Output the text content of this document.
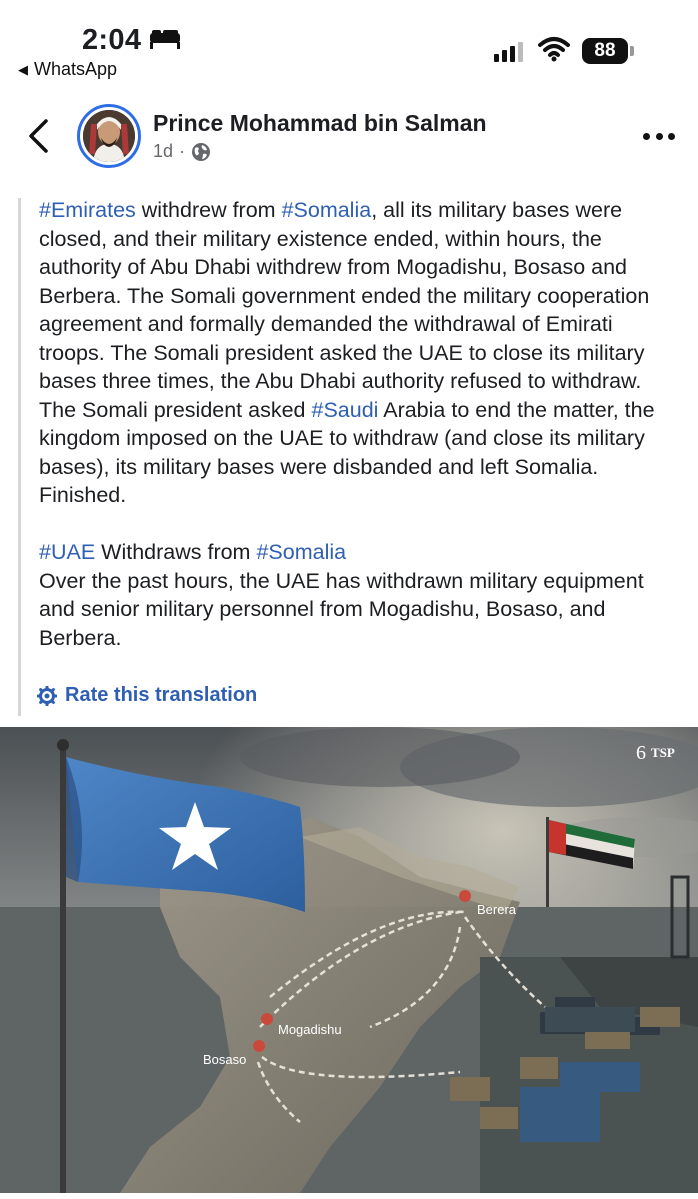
2:04
◀ WhatsApp
88
Prince Mohammad bin Salman
1d ·

#Emirates withdrew from #Somalia, all its military bases were closed, and their military existence ended, within hours, the authority of Abu Dhabi withdrew from Mogadishu, Bosaso and Berbera. The Somali government ended the military cooperation agreement and formally demanded the withdrawal of Emirati troops. The Somali president asked the UAE to close its military bases three times, the Abu Dhabi authority refused to withdraw. The Somali president asked #Saudi Arabia to end the matter, the kingdom imposed on the UAE to withdraw (and close its military bases), its military bases were disbanded and left Somalia. Finished.

#UAE Withdraws from #Somalia

Over the past hours, the UAE has withdrawn military equipment and senior military personnel from Mogadishu, Bosaso, and Berbera.

Rate this translation
Berera
Mogadishu
Bosaso
TSP
6
